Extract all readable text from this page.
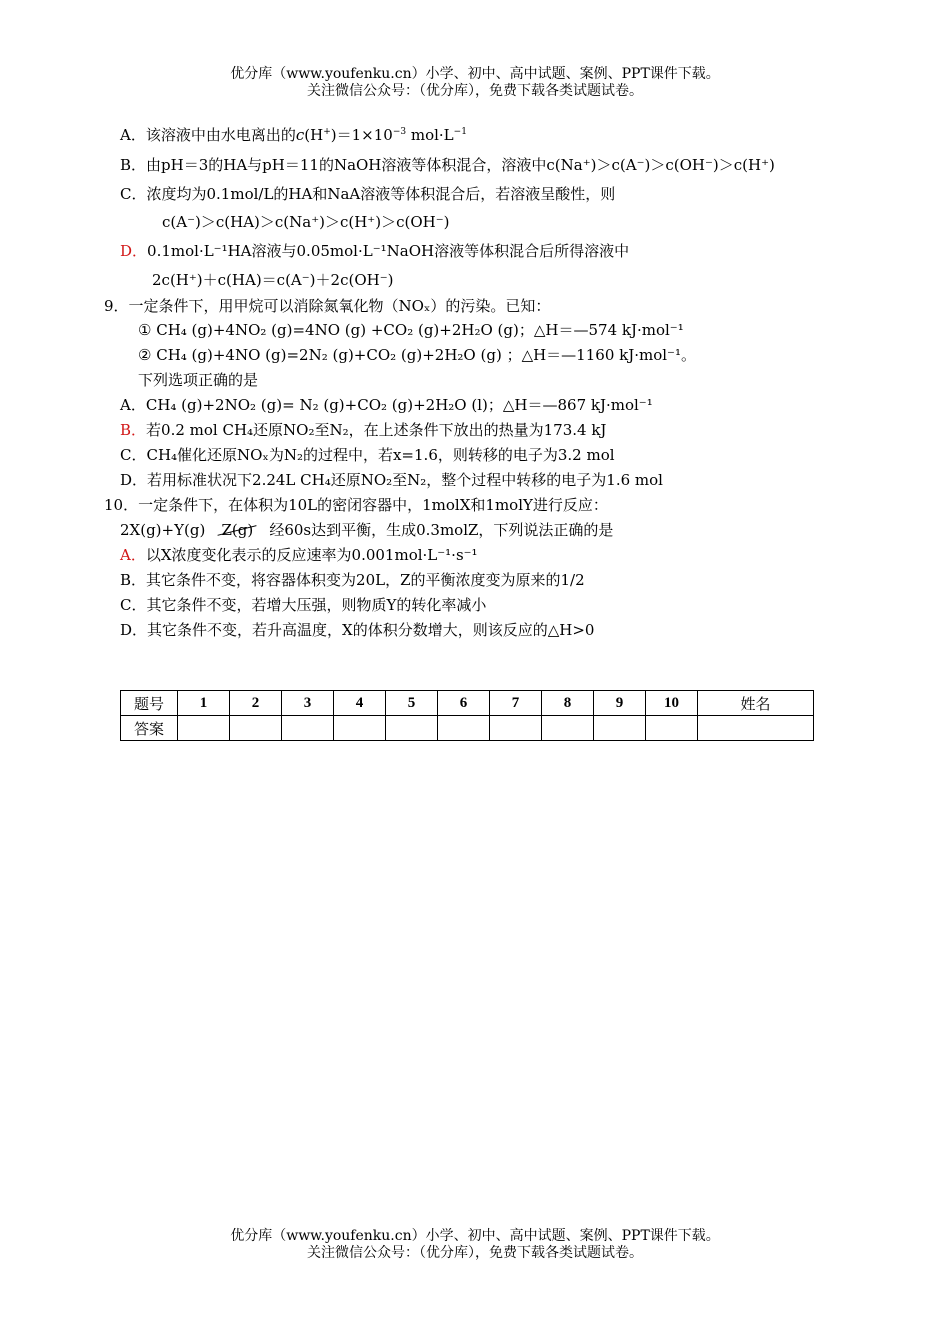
优分库（www.youfenku.cn）小学、初中、高中试题、案例、PPT课件下载。
关注微信公众号：（优分库），免费下载各类试题试卷。
A．该溶液中由水电离出的$c(H^+)=1\times 10^{-3}$ $mol\cdot L^{-1}$
B．由pH＝3的HA与pH＝11的NaOH溶液等体积混合，溶液中c(Na⁺)＞c(A⁻)＞c(OH⁻)＞c(H⁺)
C．浓度均为0.1mol/L的HA和NaA溶液等体积混合后，若溶液呈酸性，则
c(A⁻)＞c(HA)＞c(Na⁺)＞c(H⁺)＞c(OH⁻)
D．0.1mol·L⁻¹HA溶液与0.05mol·L⁻¹NaOH溶液等体积混合后所得溶液中
2c(H⁺)＋c(HA)＝c(A⁻)＋2c(OH⁻)
9．一定条件下，用甲烷可以消除氮氧化物（NOₓ）的污染。已知：
① CH₄ (g)+4NO₂ (g)=4NO (g) +CO₂ (g)+2H₂O (g)；△H＝—574 kJ·mol⁻¹
② CH₄ (g)+4NO (g)=2N₂ (g)+CO₂ (g)+2H₂O (g) ；△H＝—1160 kJ·mol⁻¹。
下列选项正确的是
A．CH₄ (g)+2NO₂ (g)= N₂ (g)+CO₂ (g)+2H₂O (l)；△H＝—867 kJ·mol⁻¹
B．若0.2 mol CH₄还原NO₂至N₂，在上述条件下放出的热量为173.4 kJ
C．CH₄催化还原NOₓ为N₂的过程中，若x=1.6，则转移的电子为3.2 mol
D．若用标准状况下2.24L CH₄还原NO₂至N₂，整个过程中转移的电子为1.6 mol
10．一定条件下，在体积为10L的密闭容器中，1molX和1molY进行反应：
2X(g)+Y(g) Z(g) 经60s达到平衡，生成0.3molZ，下列说法正确的是
A．以X浓度变化表示的反应速率为0.001mol·L⁻¹·s⁻¹
B．其它条件不变，将容器体积变为20L，Z的平衡浓度变为原来的1/2
C．其它条件不变，若增大压强，则物质Y的转化率减小
D．其它条件不变，若升高温度，X的体积分数增大，则该反应的△H>0
题号	1	2	3	4	5	6	7	8	9	10	姓名
答案											
优分库（www.youfenku.cn）小学、初中、高中试题、案例、PPT课件下载。
关注微信公众号：（优分库），免费下载各类试题试卷。
